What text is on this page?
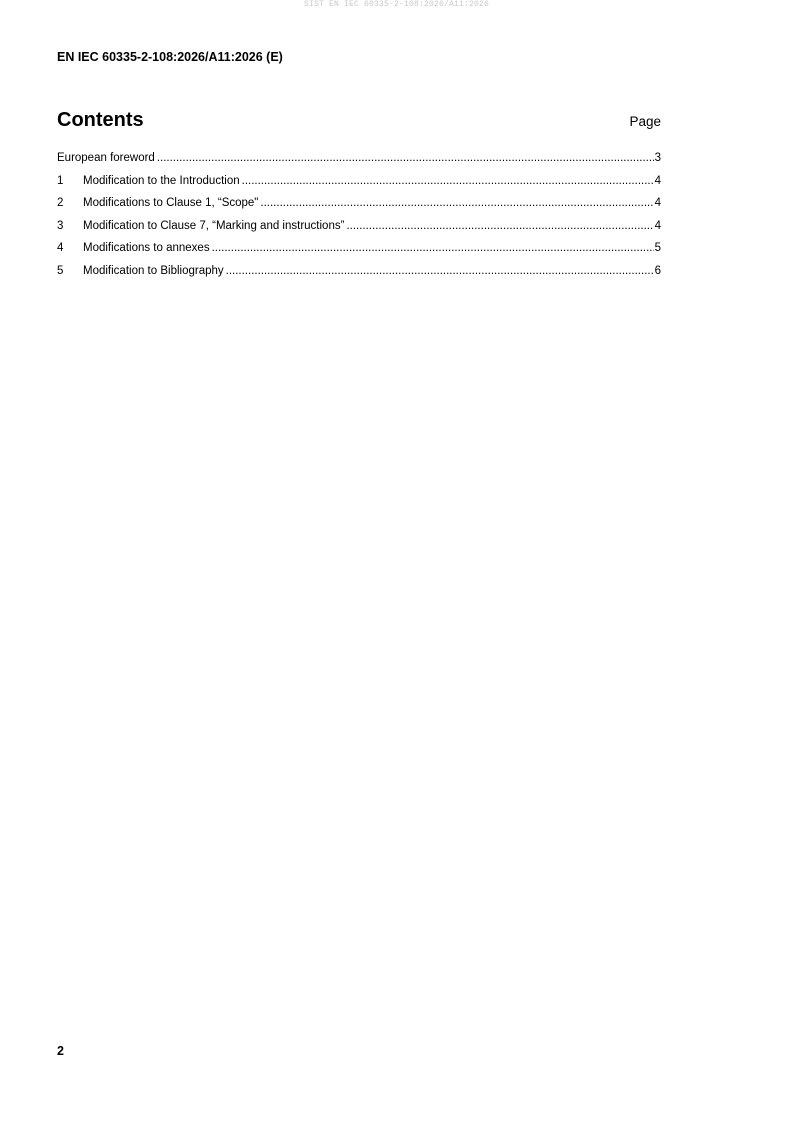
SIST EN IEC 60335-2-108:2026/A11:2026
EN IEC 60335-2-108:2026/A11:2026 (E)
Contents	Page
European foreword .....	3
1	Modification to the Introduction .....	4
2	Modifications to Clause 1, “Scope" .....	4
3	Modification to Clause 7, “Marking and instructions” .....	4
4	Modifications to annexes .....	5
5	Modification to Bibliography .....	6
2
